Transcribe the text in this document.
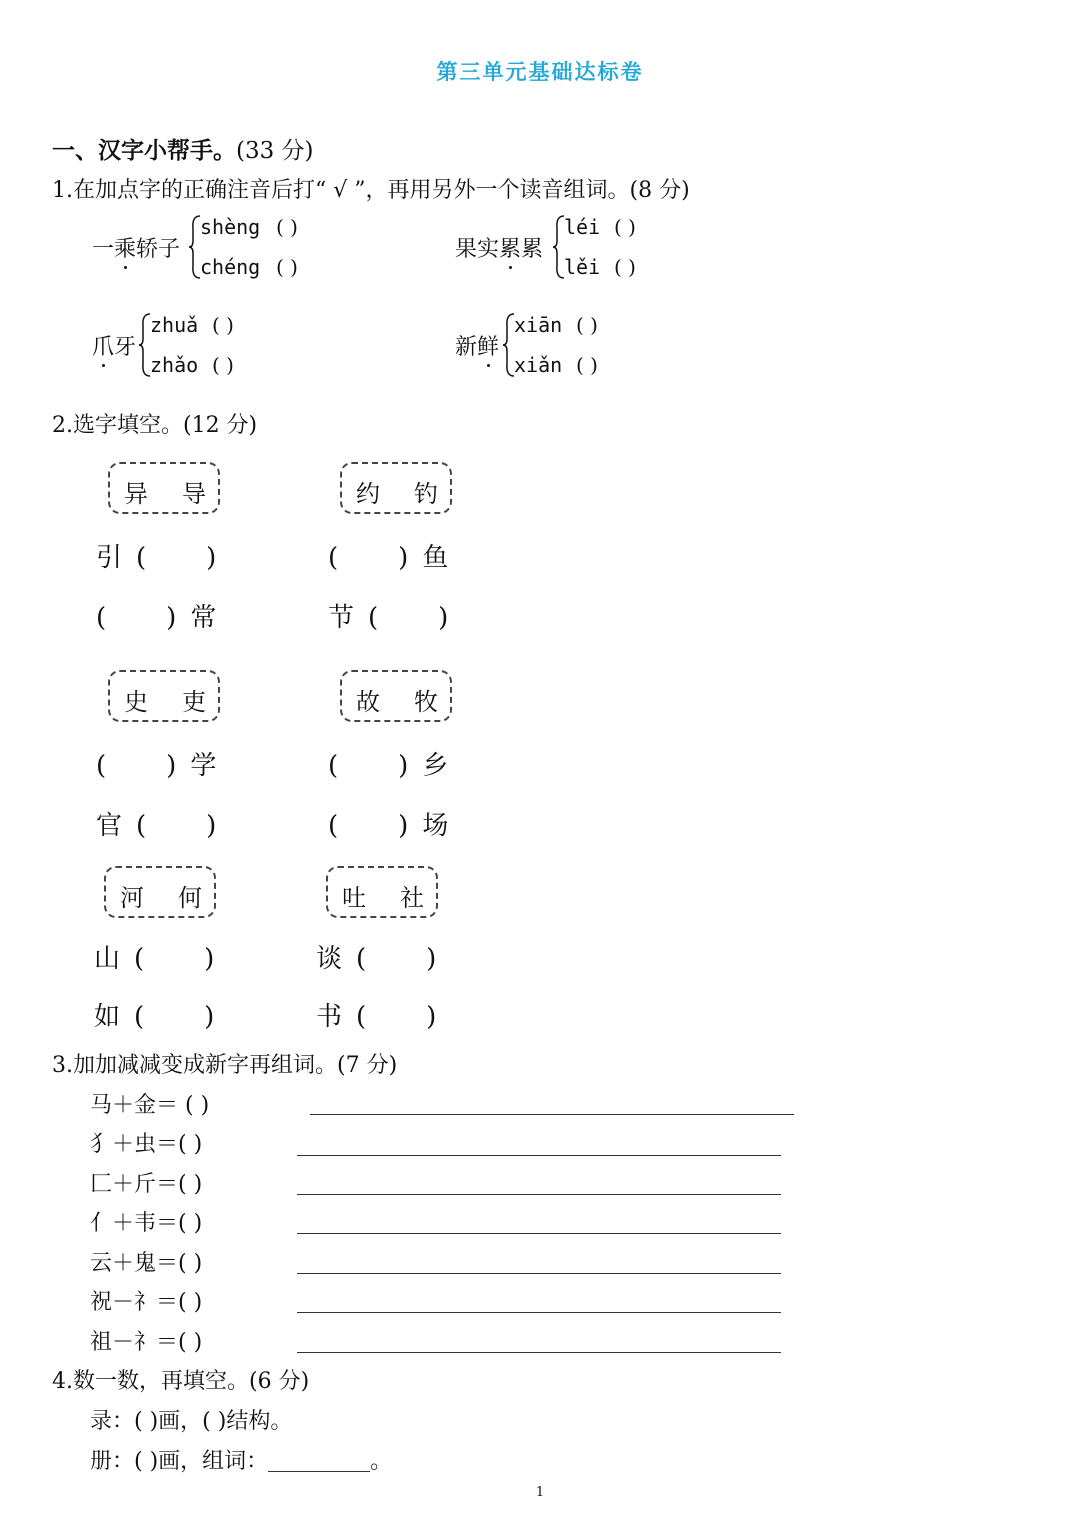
第三单元基础达标卷
一、汉字小帮手。(33 分)
1.在加点字的正确注音后打“ √ ”，再用另外一个读音组词。(8 分)
一乘轿子
shèng ( )
chéng ( )
果实累累
léi ( )
lěi ( )
爪牙
zhuǎ ( )
zhǎo ( )
新鲜
xiān ( )
xiǎn ( )
2.选字填空。(12 分)
异 导
引 ( )
( ) 常
约 钓
( ) 鱼
节 ( )
史 吏
( ) 学
官 ( )
故 牧
( ) 乡
( ) 场
河 何
山 ( )
如 ( )
吐 社
谈 ( )
书 ( )
3.加加减减变成新字再组词。(7 分)
马＋金＝ ( )
犭＋虫＝( )
匚＋斤＝( )
亻＋韦＝( )
云＋鬼＝( )
祝－礻＝( )
祖－礻＝( )
4.数一数，再填空。(6 分)
录：( )画，( )结构。
册：( )画，组词：	。
1
